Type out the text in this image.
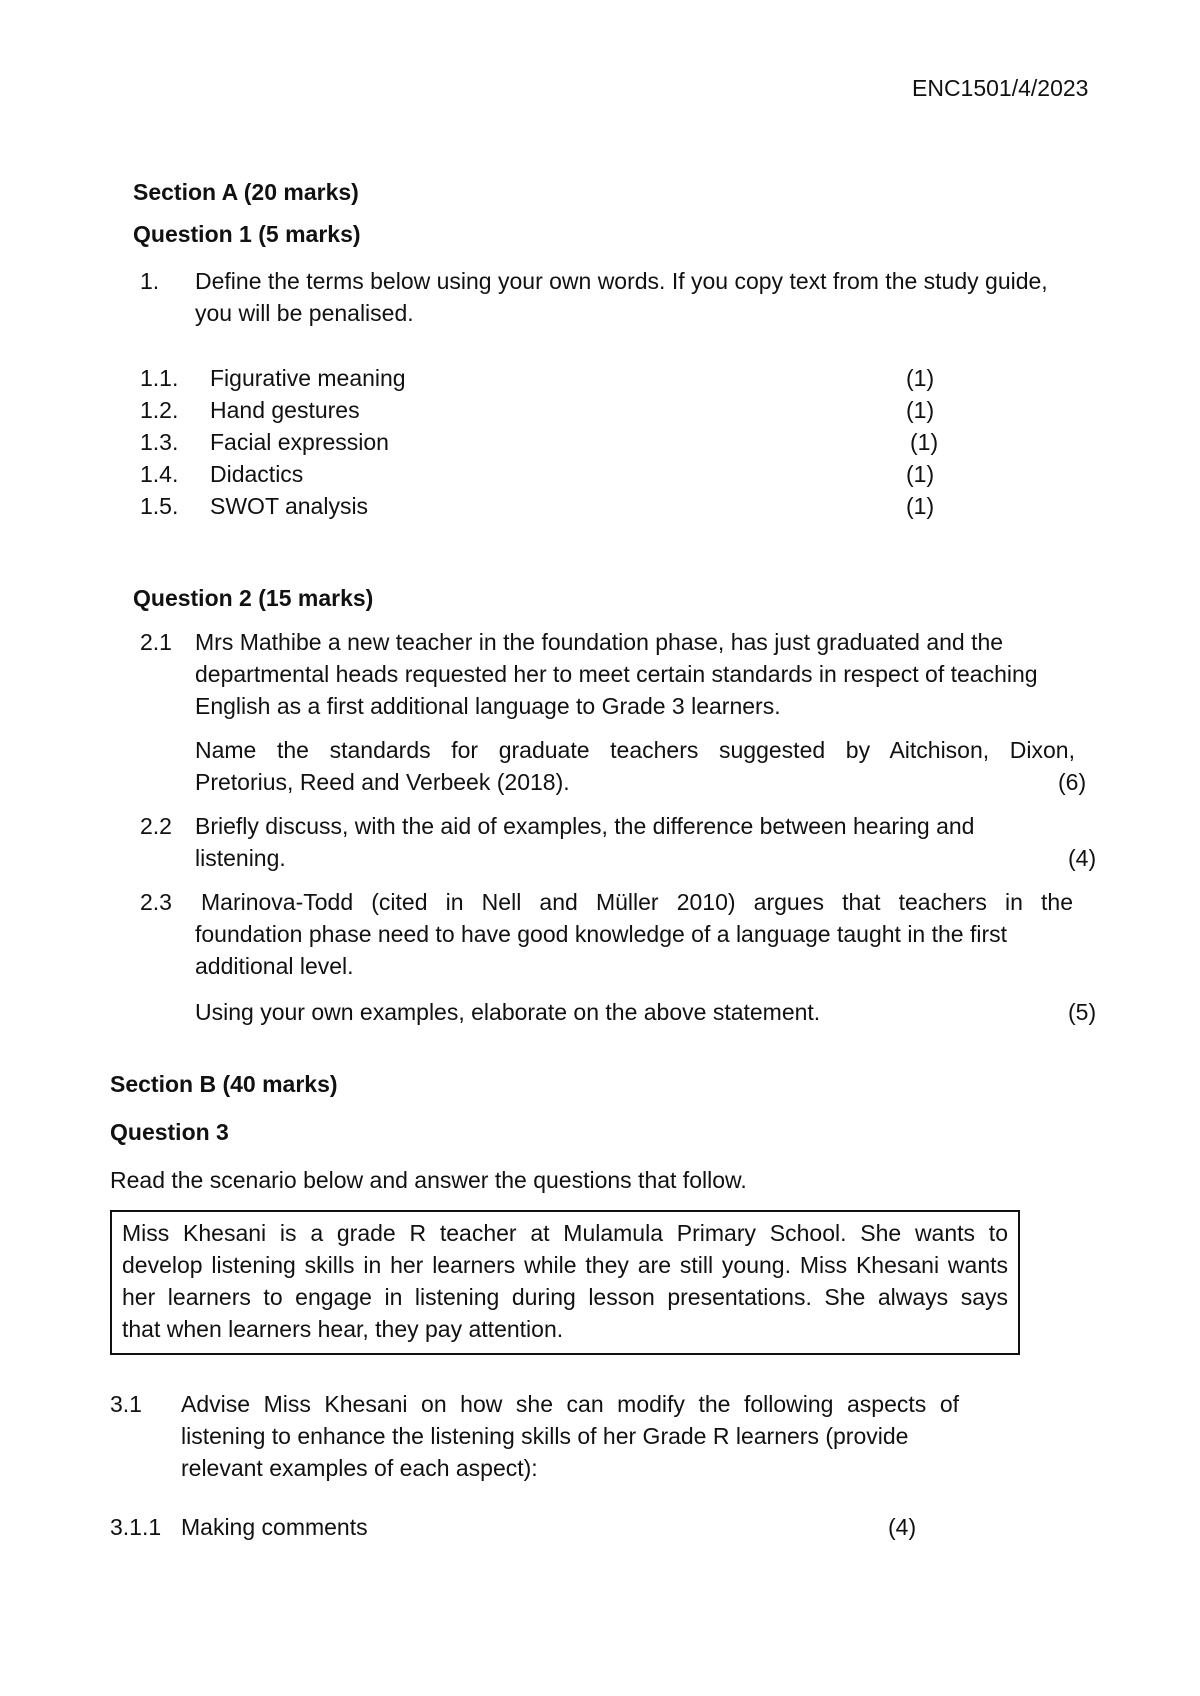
ENC1501/4/2023
Section A (20 marks)
Question 1 (5 marks)
1. Define the terms below using your own words. If you copy text from the study guide,
you will be penalised.
1.1. Figurative meaning	(1)
1.2. Hand gestures	(1)
1.3. Facial expression	(1)
1.4. Didactics	(1)
1.5. SWOT analysis	(1)
Question 2 (15 marks)
2.1 Mrs Mathibe a new teacher in the foundation phase, has just graduated and the
departmental heads requested her to meet certain standards in respect of teaching
English as a first additional language to Grade 3 learners.
Name the standards for graduate teachers suggested by Aitchison, Dixon,
Pretorius, Reed and Verbeek (2018).	(6)
2.2 Briefly discuss, with the aid of examples, the difference between hearing and
listening.	(4)
2.3 Marinova-Todd (cited in Nell and Müller 2010) argues that teachers in the
foundation phase need to have good knowledge of a language taught in the first
additional level.
Using your own examples, elaborate on the above statement.	(5)
Section B (40 marks)
Question 3
Read the scenario below and answer the questions that follow.
Miss Khesani is a grade R teacher at Mulamula Primary School. She wants to
develop listening skills in her learners while they are still young. Miss Khesani wants
her learners to engage in listening during lesson presentations. She always says
that when learners hear, they pay attention.
3.1 Advise Miss Khesani on how she can modify the following aspects of
listening to enhance the listening skills of her Grade R learners (provide
relevant examples of each aspect):
3.1.1 Making comments	(4)
